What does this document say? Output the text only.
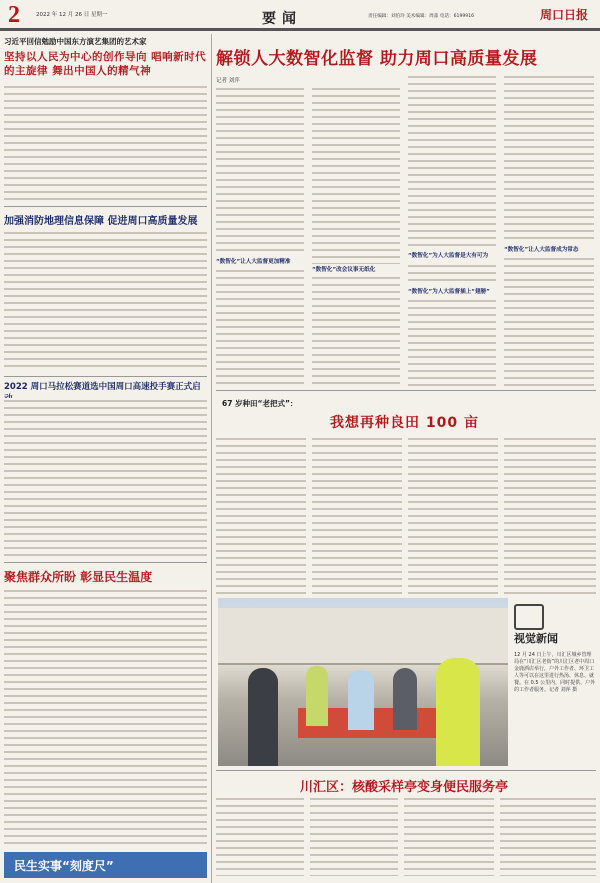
2	2022 年 12 月 26 日 星期一	要闻	责任编辑：刘伯玲 美术编辑：周淼 电话：6199916	周口日报
习近平回信勉励中国东方演艺集团的艺术家
坚持以人民为中心的创作导向 唱响新时代的主旋律 舞出中国人的精气神
加强消防地理信息保障 促进周口高质量发展
2022 周口马拉松赛道选中国周口高速投手赛正式启
聚焦群众所盼 彰显民生温度
民生实事“刻度尺”
解锁人大数智化监督 助力周口高质量发展
记者 刘萍
“数智化”让人大监督更加精准
“数智化”为人大监督插上“翅膀”
“数智化”为人大监督是大有可为
“数智化”让人大监督成为常态
“数智化”改会议事无纸化
67 岁种田“老把式”：
我想再种良田 100 亩
视觉新闻
12 月 24 日上午，川汇区城乡管理局在“川汇区老街”的川汇区老中周口金鹿酒店举行，户外工作者、环卫工人等可以在这里进行热汤、休息、就餐。在 0.5 公里内，同时提供、户外的工作者服务。记者 刘萍 摄
川汇区：核酸采样亭变身便民服务亭
